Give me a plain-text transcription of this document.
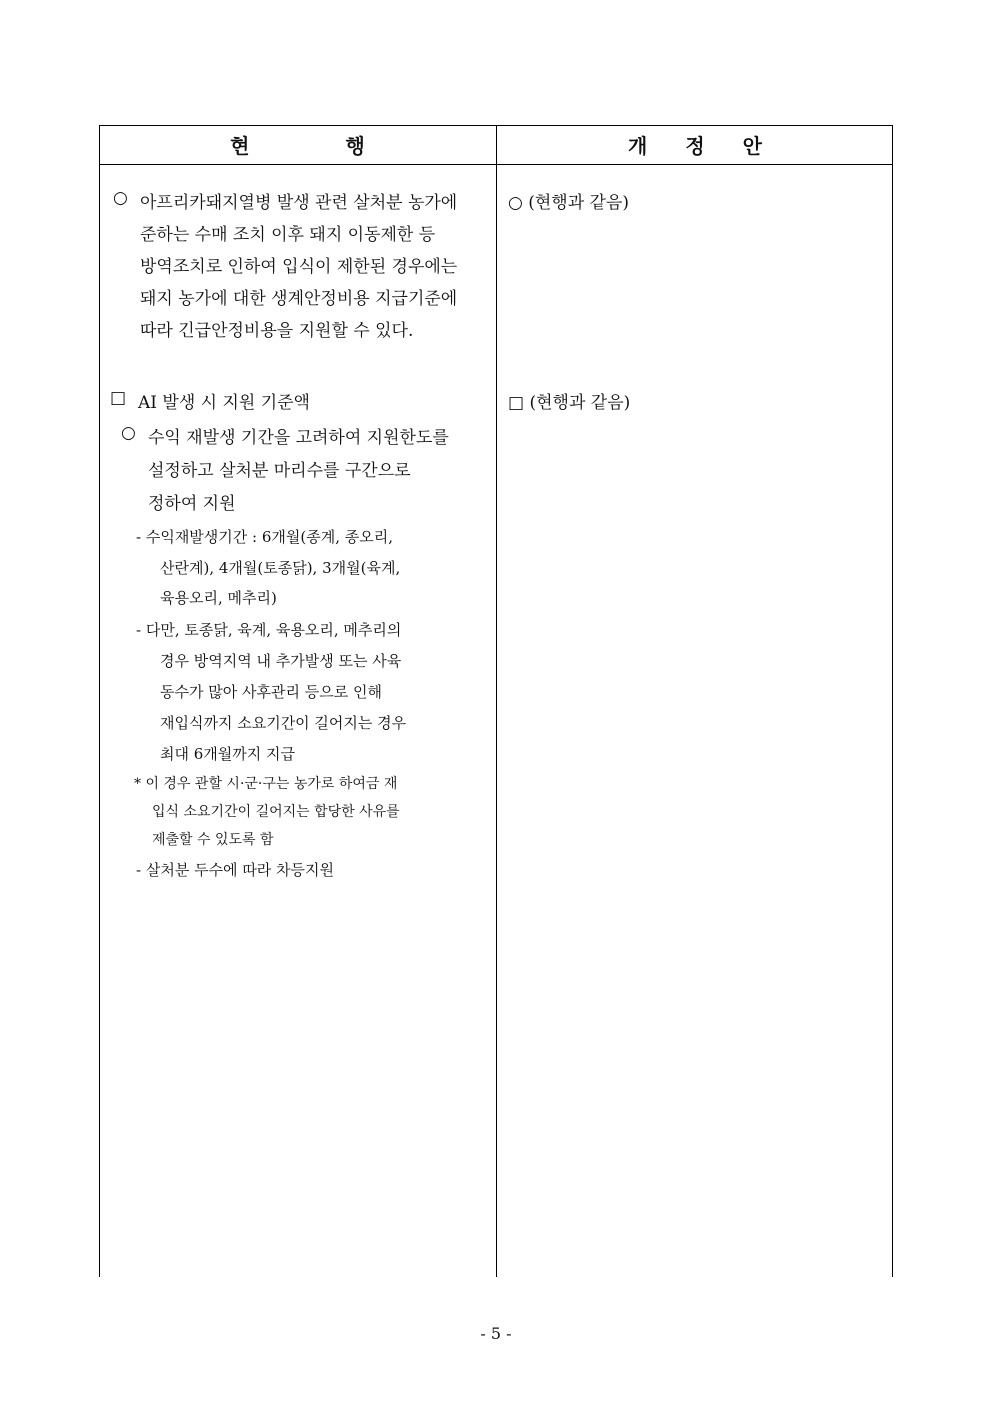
현	행	개 정 안
○ 아프리카돼지열병 발생 관련 살처분 농가에
준하는 수매 조치 이후 돼지 이동제한 등
방역조치로 인하여 입식이 제한된 경우에는
돼지 농가에 대한 생계안정비용 지급기준에
따라 긴급안정비용을 지원할 수 있다.
□ AI 발생 시 지원 기준액
○ 수익 재발생 기간을 고려하여 지원한도를
설정하고 살처분 마리수를 구간으로
정하여 지원
- 수익재발생기간 : 6개월(종계, 종오리,
산란계), 4개월(토종닭), 3개월(육계,
육용오리, 메추리)
- 다만, 토종닭, 육계, 육용오리, 메추리의
경우 방역지역 내 추가발생 또는 사육
동수가 많아 사후관리 등으로 인해
재입식까지 소요기간이 길어지는 경우
최대 6개월까지 지급
* 이 경우 관할 시·군·구는 농가로 하여금 재
입식 소요기간이 길어지는 합당한 사유를
제출할 수 있도록 함
- 살처분 두수에 따라 차등지원
○ (현행과 같음)
□ (현행과 같음)
- 5 -
